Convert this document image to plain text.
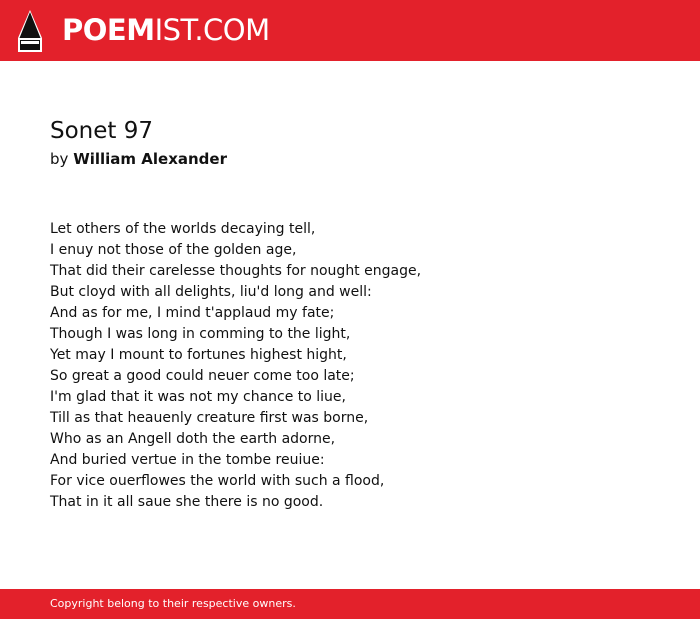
POEMIST.COM
Sonet 97
by William Alexander
Let others of the worlds decaying tell,
I enuy not those of the golden age,
That did their carelesse thoughts for nought engage,
But cloyd with all delights, liu'd long and well:
And as for me, I mind t'applaud my fate;
Though I was long in comming to the light,
Yet may I mount to fortunes highest hight,
So great a good could neuer come too late;
I'm glad that it was not my chance to liue,
Till as that heauenly creature first was borne,
Who as an Angell doth the earth adorne,
And buried vertue in the tombe reuiue:
For vice ouerflowes the world with such a flood,
That in it all saue she there is no good.
Copyright belong to their respective owners.
